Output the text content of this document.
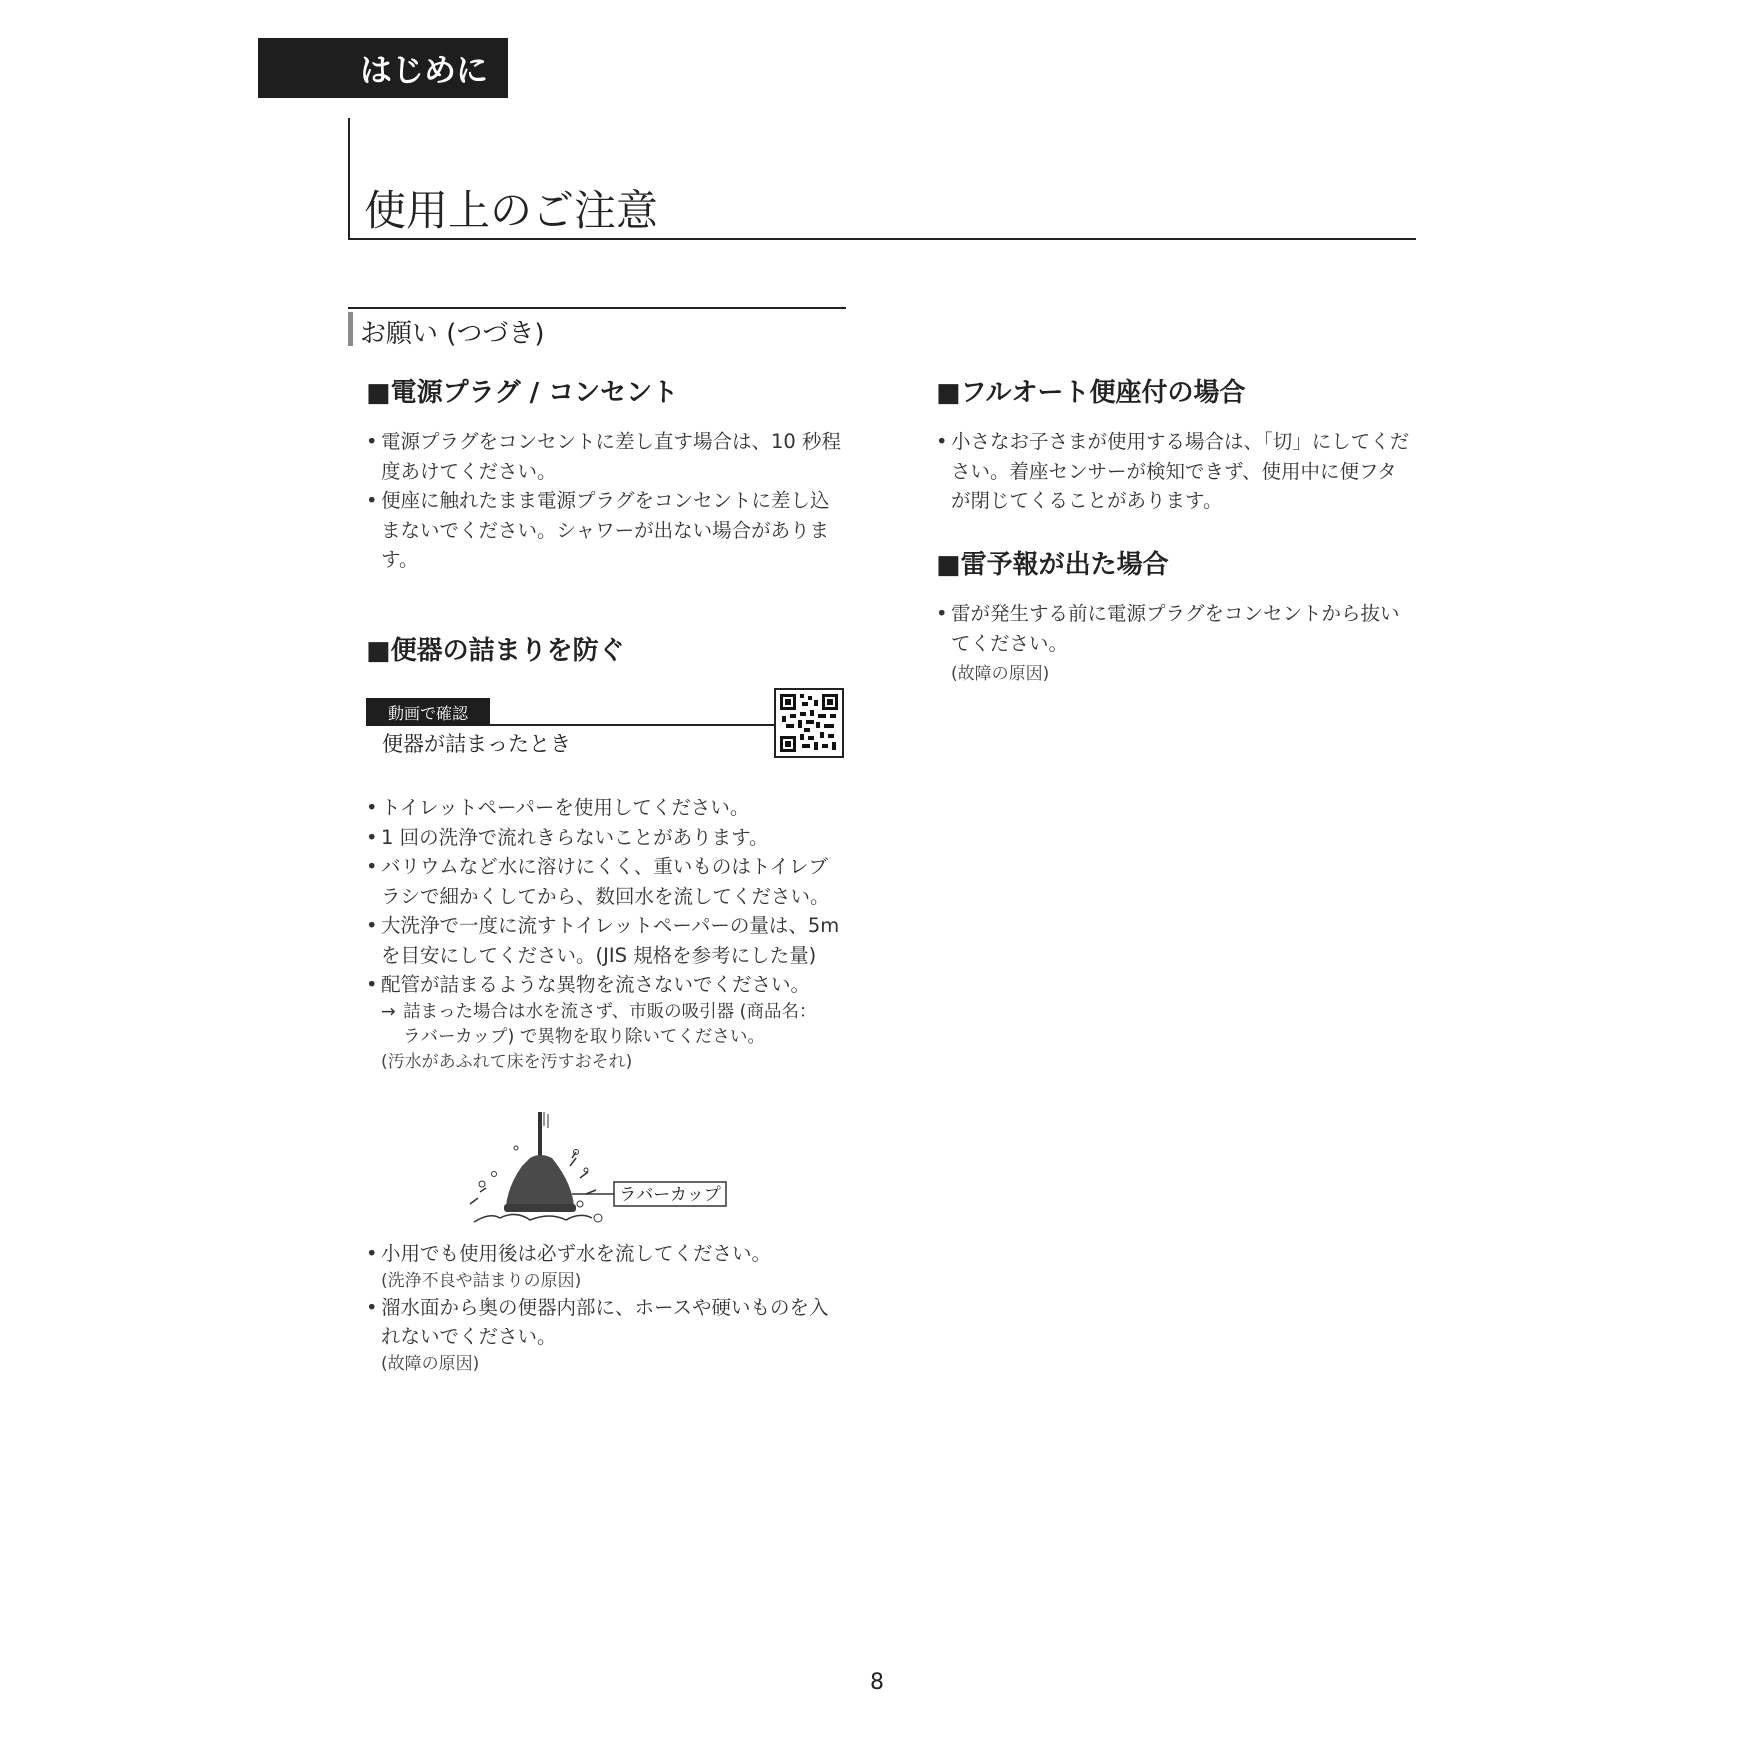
はじめに
使用上のご注意
お願い (つづき)
■電源プラグ / コンセント
• 電源プラグをコンセントに差し直す場合は、10 秒程度あけてください。
• 便座に触れたまま電源プラグをコンセントに差し込まないでください。シャワーが出ない場合があります。
■便器の詰まりを防ぐ
動画で確認
便器が詰まったとき
• トイレットペーパーを使用してください。
• 1 回の洗浄で流れきらないことがあります。
• バリウムなど水に溶けにくく、重いものはトイレブラシで細かくしてから、数回水を流してください。
• 大洗浄で一度に流すトイレットペーパーの量は、5m を目安にしてください。(JIS 規格を参考にした量)
• 配管が詰まるような異物を流さないでください。
→ 詰まった場合は水を流さず、市販の吸引器 (商品名：
ラバーカップ) で異物を取り除いてください。
(汚水があふれて床を汚すおそれ)
ラバーカップ
• 小用でも使用後は必ず水を流してください。
(洗浄不良や詰まりの原因)
• 溜水面から奥の便器内部に、ホースや硬いものを入れないでください。
(故障の原因)
■フルオート便座付の場合
• 小さなお子さまが使用する場合は、「切」にしてください。着座センサーが検知できず、使用中に便フタが閉じてくることがあります。
■雷予報が出た場合
• 雷が発生する前に電源プラグをコンセントから抜いてください。
(故障の原因)
8
